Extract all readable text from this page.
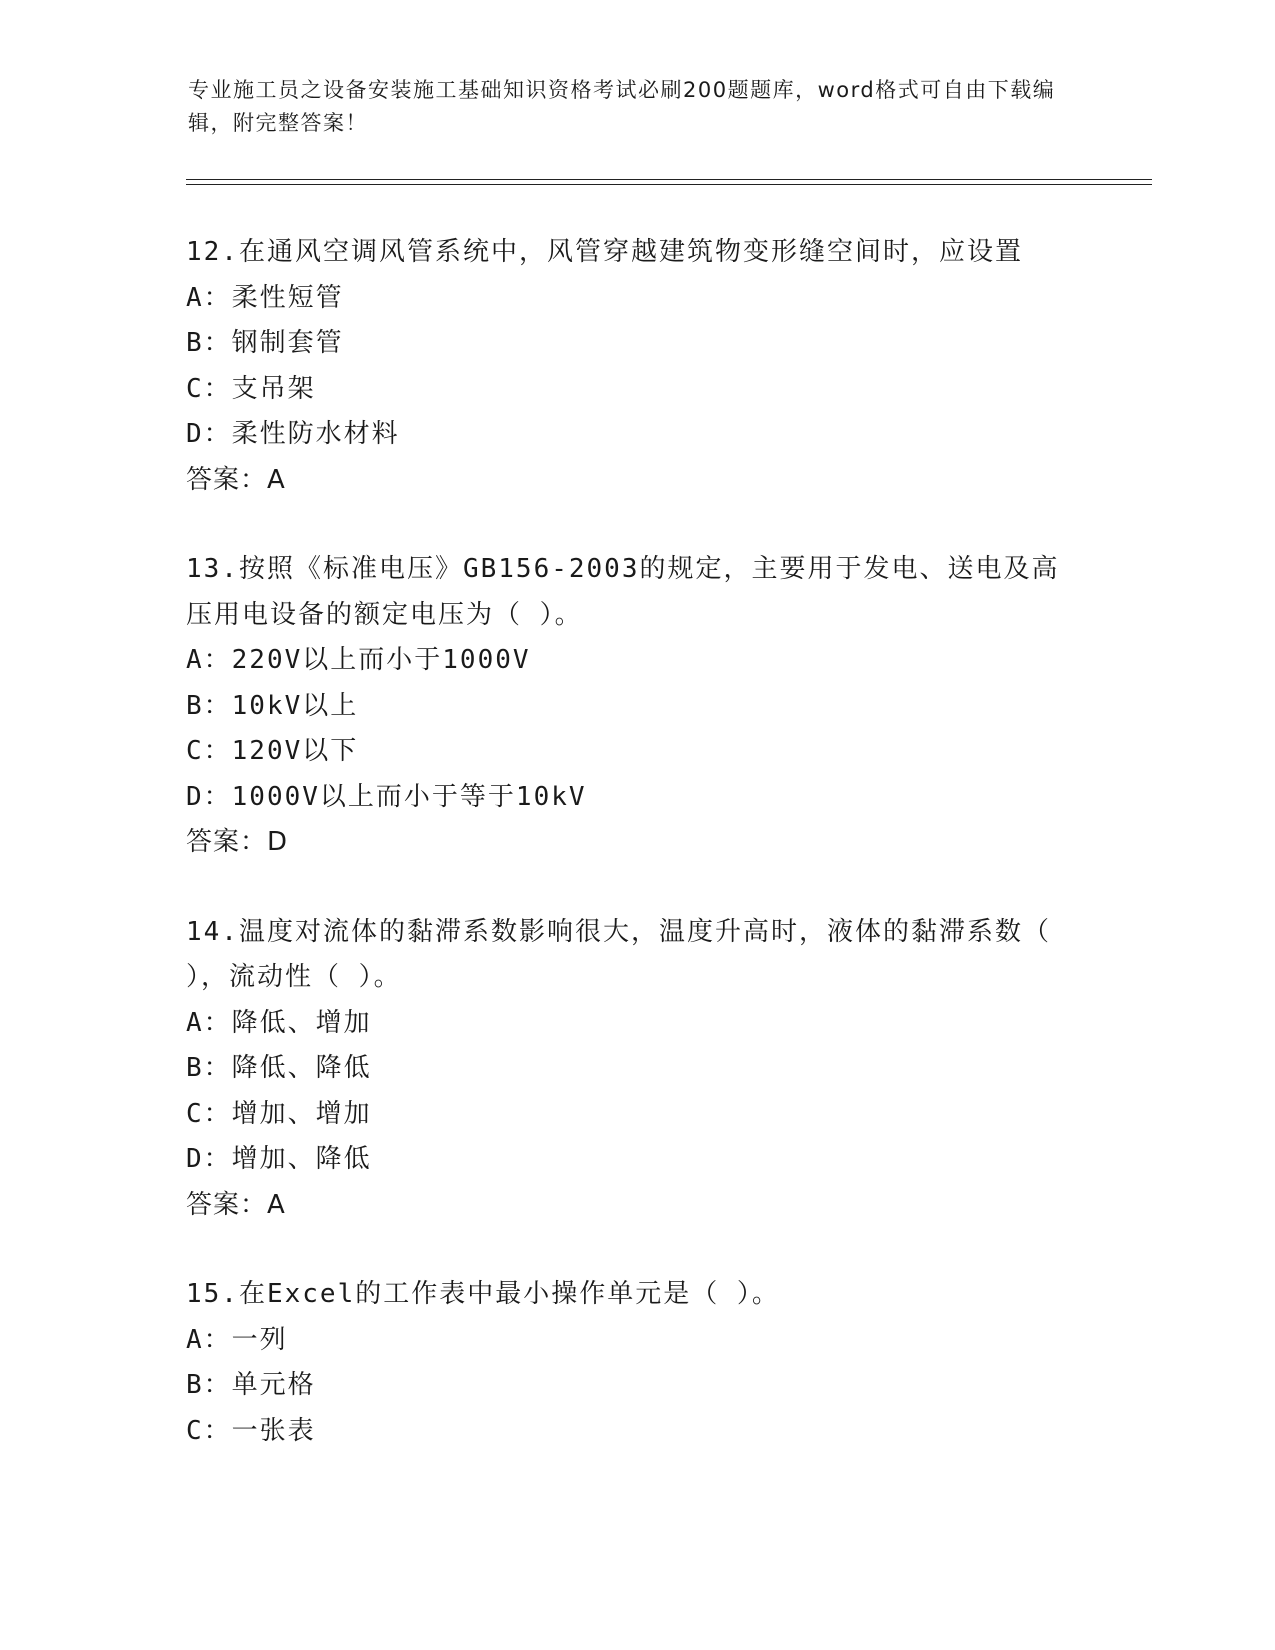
专业施工员之设备安装施工基础知识资格考试必刷200题题库，word格式可自由下载编辑，附完整答案！
12.在通风空调风管系统中，风管穿越建筑物变形缝空间时，应设置
A：柔性短管
B：钢制套管
C：支吊架
D：柔性防水材料
答案：A
13.按照《标准电压》GB156-2003的规定，主要用于发电、送电及高压用电设备的额定电压为（ ）。
A：220V以上而小于1000V
B：10kV以上
C：120V以下
D：1000V以上而小于等于10kV
答案：D
14.温度对流体的黏滞系数影响很大，温度升高时，液体的黏滞系数（ ），流动性（ ）。
A：降低、增加
B：降低、降低
C：增加、增加
D：增加、降低
答案：A
15.在Excel的工作表中最小操作单元是（ ）。
A：一列
B：单元格
C：一张表
